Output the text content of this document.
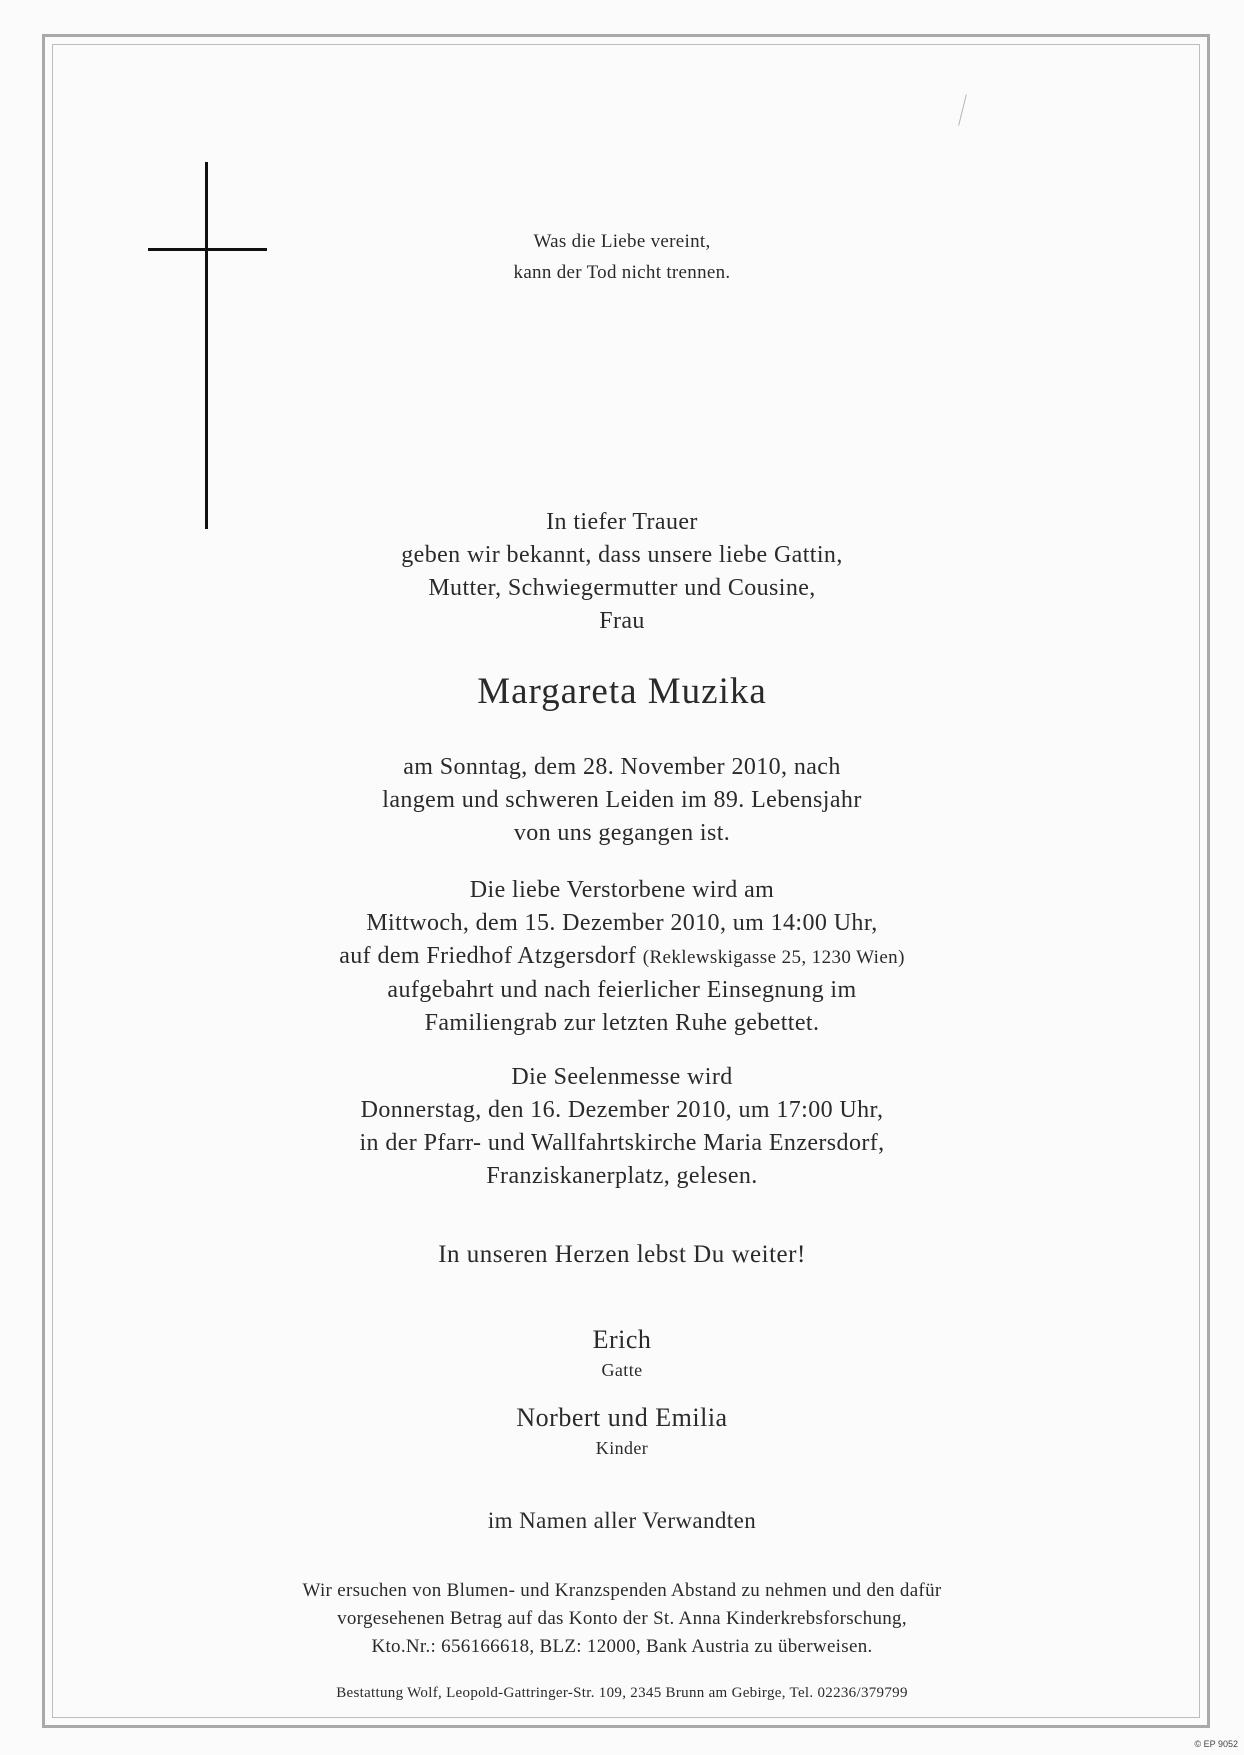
Was die Liebe vereint,
kann der Tod nicht trennen.

In tiefer Trauer
geben wir bekannt, dass unsere liebe Gattin,
Mutter, Schwiegermutter und Cousine,
Frau

Margareta Muzika

am Sonntag, dem 28. November 2010, nach
langem und schweren Leiden im 89. Lebensjahr
von uns gegangen ist.

Die liebe Verstorbene wird am
Mittwoch, dem 15. Dezember 2010, um 14:00 Uhr,
auf dem Friedhof Atzgersdorf (Reklewskigasse 25, 1230 Wien)
aufgebahrt und nach feierlicher Einsegnung im
Familiengrab zur letzten Ruhe gebettet.

Die Seelenmesse wird
Donnerstag, den 16. Dezember 2010, um 17:00 Uhr,
in der Pfarr- und Wallfahrtskirche Maria Enzersdorf,
Franziskanerplatz, gelesen.

In unseren Herzen lebst Du weiter!

Erich

Gatte

Norbert und Emilia

Kinder

im Namen aller Verwandten

Wir ersuchen von Blumen- und Kranzspenden Abstand zu nehmen und den dafür
vorgesehenen Betrag auf das Konto der St. Anna Kinderkrebsforschung,
Kto.Nr.: 656166618, BLZ: 12000, Bank Austria zu überweisen.

Bestattung Wolf, Leopold-Gattringer-Str. 109, 2345 Brunn am Gebirge, Tel. 02236/379799

© EP 9052
